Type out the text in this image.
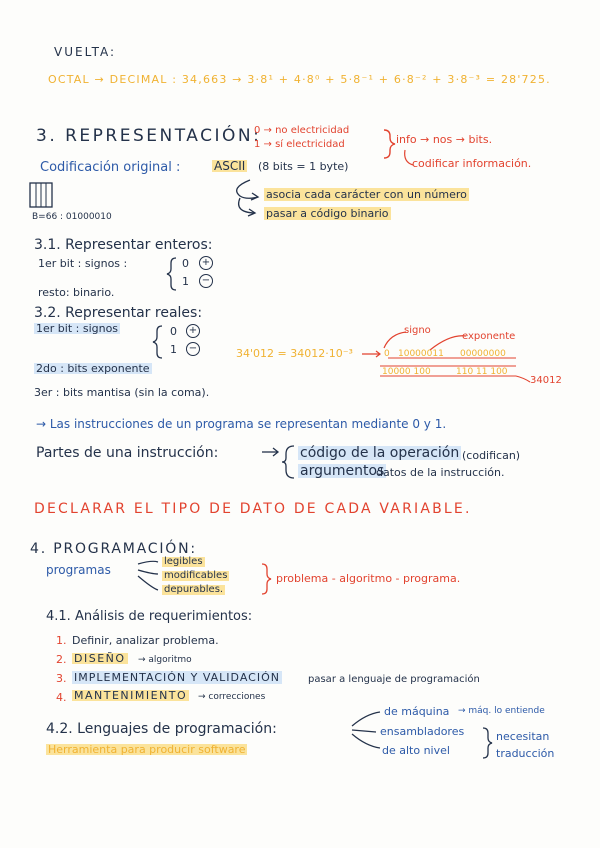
VUELTA:
OCTAL → DECIMAL : 34,663 → 3·8¹ + 4·8⁰ + 5·8⁻¹ + 6·8⁻² + 3·8⁻³ = 28'725.
3. REPRESENTACIÓN:
0 → no electricidad
1 → sí electricidad	info → nos → bits.
codificar información.
Codificación original :	ASCII (8 bits = 1 byte)
asocia cada carácter con un número
pasar a código binario
B=66 : 01000010
3.1. Representar enteros:
1er bit : signos :	0 +
1 −
resto: binario.
3.2. Representar reales:
1er bit : signos	0 +
1 −
2do : bits exponente
3er : bits mantisa (sin la coma).
signo
exponente
34'012 = 34012·10⁻³	0 10000011 00000000
10000 100	110 11 100
34012
→ Las instrucciones de un programa se representan mediante 0 y 1.
Partes de una instrucción:	código de la operación (codifican)
argumentos
datos de la instrucción.
DECLARAR EL TIPO DE DATO DE CADA VARIABLE.
4. PROGRAMACIÓN:
programas
legibles
modificables
depurables.
problema - algoritmo - programa.
4.1. Análisis de requerimientos:
1. Definir, analizar problema.
2. DISEÑO → algoritmo
3. IMPLEMENTACIÓN Y VALIDACIÓN	pasar a lenguaje de programación
4. MANTENIMIENTO → correcciones
4.2. Lenguajes de programación:
Herramienta para producir software
de máquina → máq. lo entiende
ensambladores
de alto nivel
necesitan
traducción
